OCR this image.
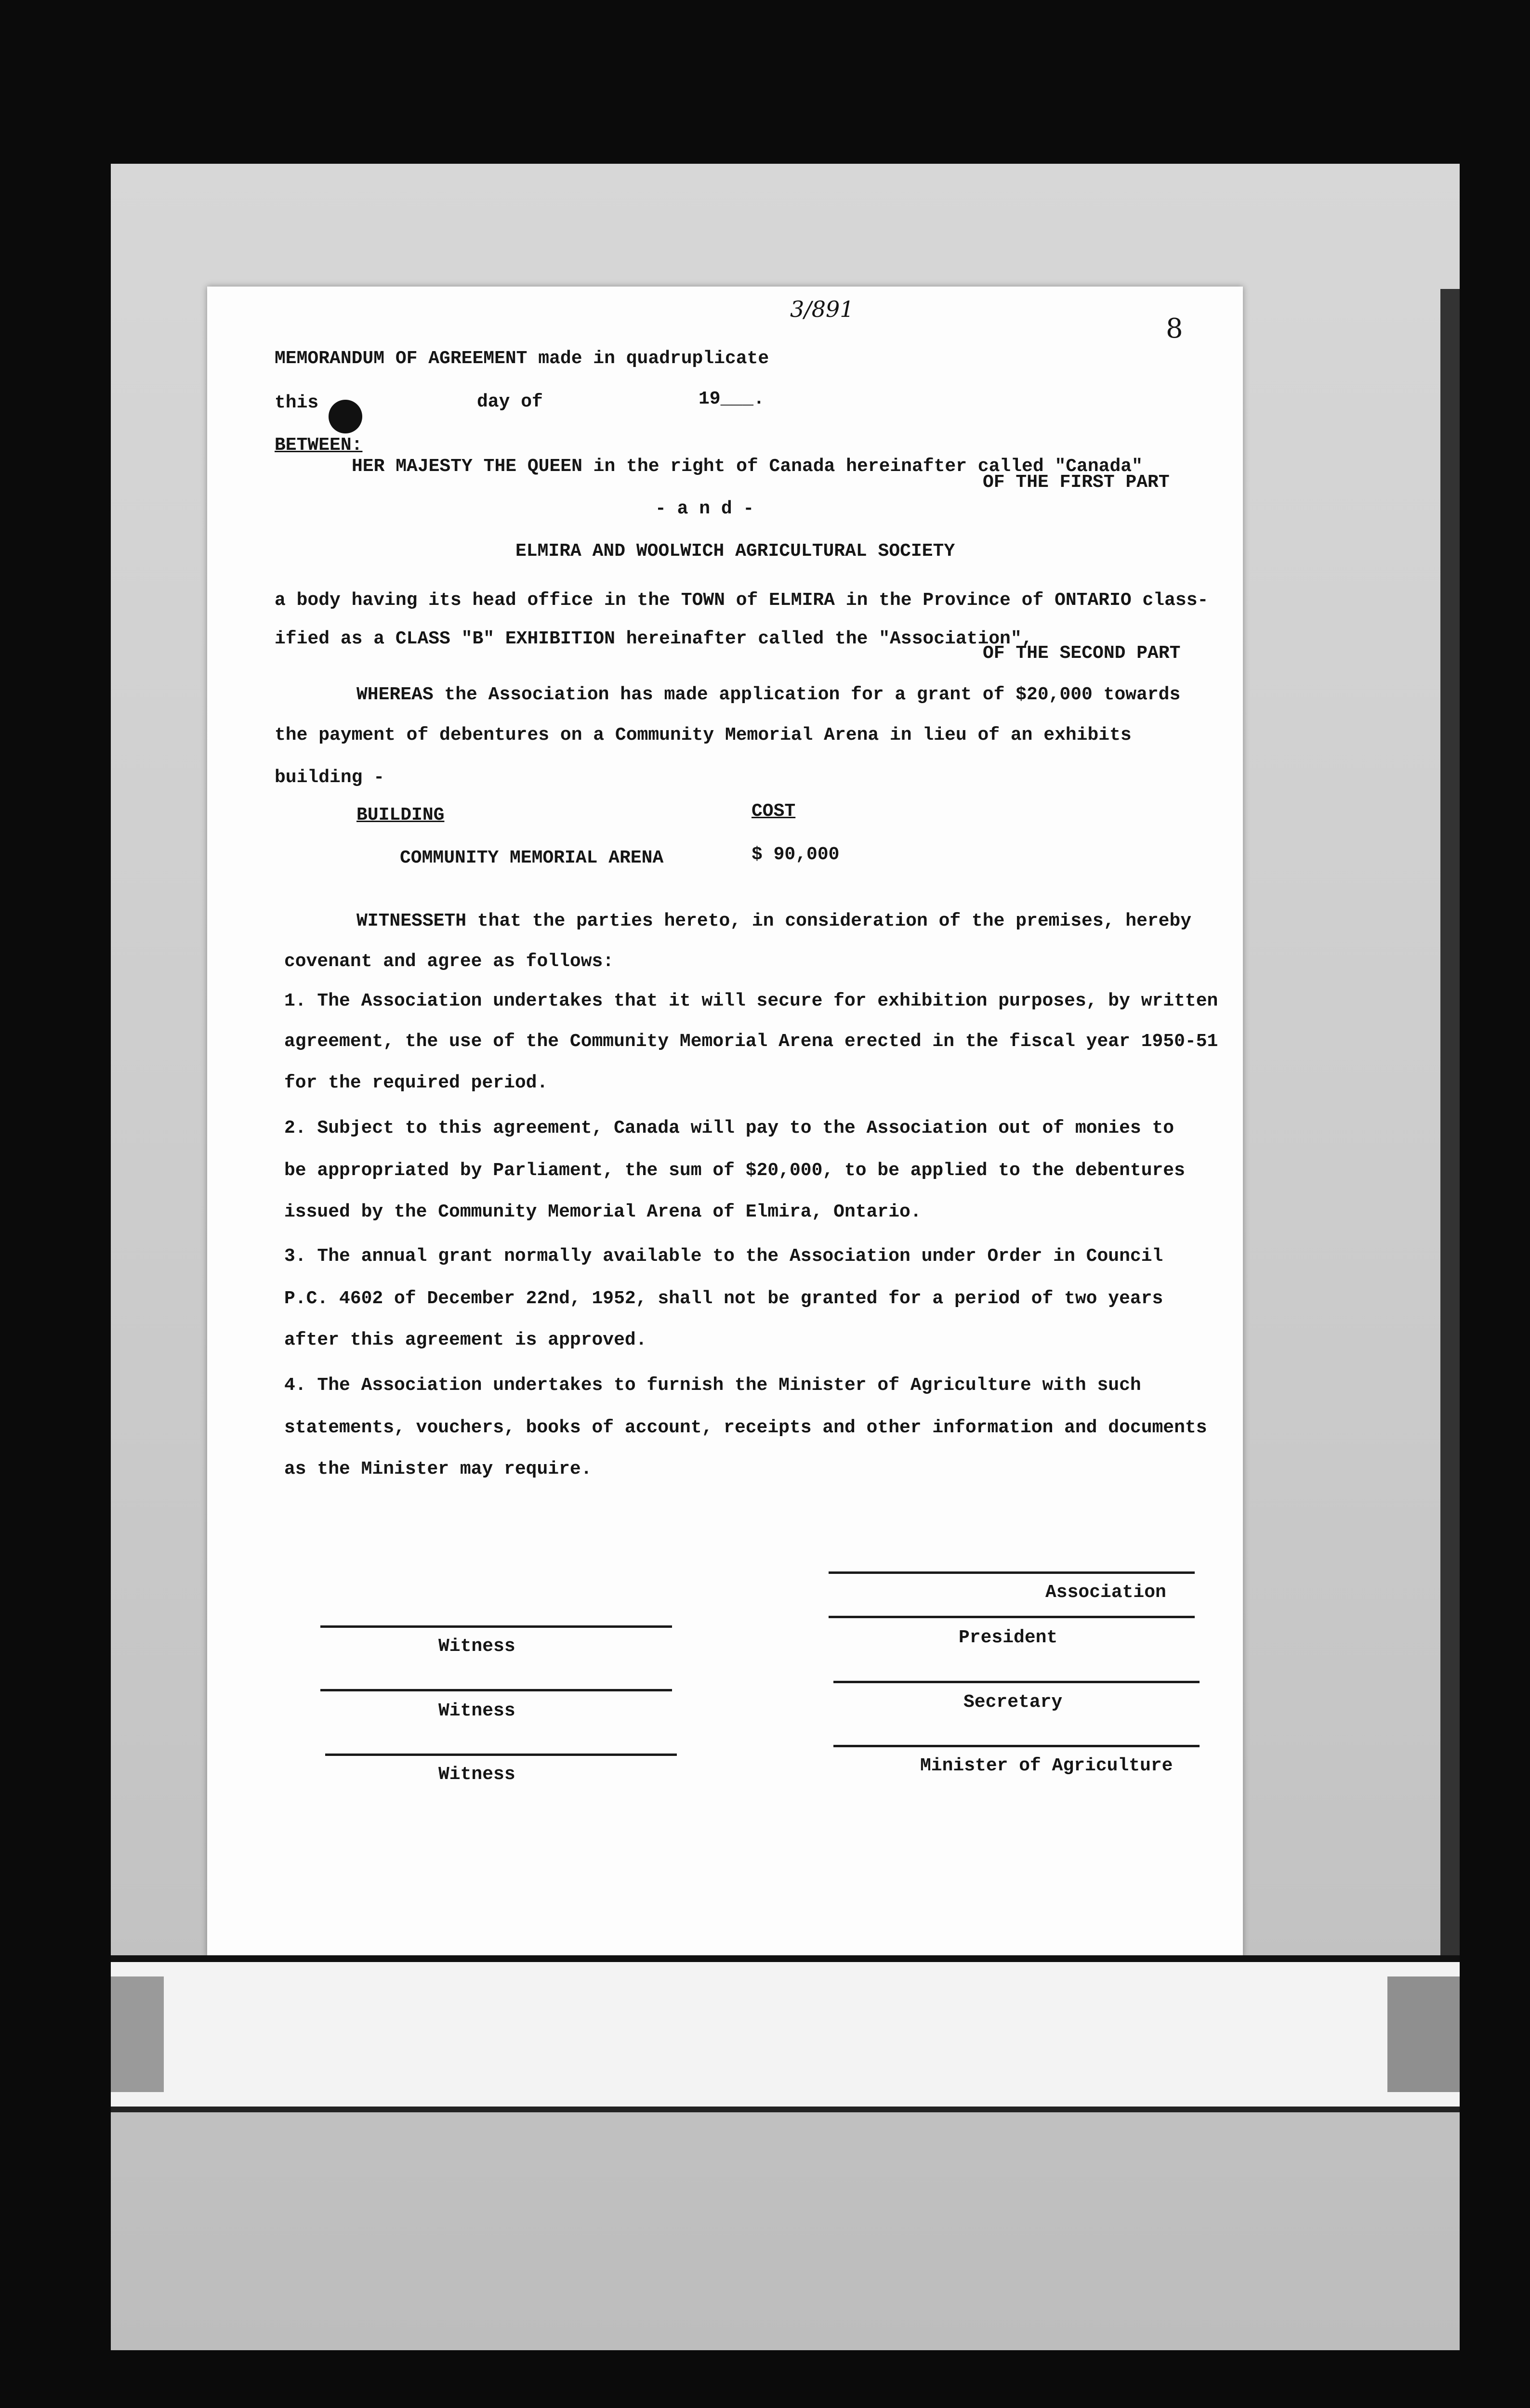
3/891
8
MEMORANDUM OF AGREEMENT made in quadruplicate
this	day of	19___.
BETWEEN:
HER MAJESTY THE QUEEN in the right of Canada hereinafter called "Canada"
OF THE FIRST PART
- a n d -
ELMIRA AND WOOLWICH AGRICULTURAL SOCIETY
a body having its head office in the TOWN of ELMIRA in the Province of ONTARIO class-
ified as a CLASS "B" EXHIBITION hereinafter called the "Association",
OF THE SECOND PART
WHEREAS the Association has made application for a grant of $20,000 towards
the payment of debentures on a Community Memorial Arena in lieu of an exhibits
building -
BUILDING	COST
COMMUNITY MEMORIAL ARENA	$ 90,000
WITNESSETH that the parties hereto, in consideration of the premises, hereby
covenant and agree as follows:
1. The Association undertakes that it will secure for exhibition purposes, by written
agreement, the use of the Community Memorial Arena erected in the fiscal year 1950-51
for the required period.
2. Subject to this agreement, Canada will pay to the Association out of monies to
be appropriated by Parliament, the sum of $20,000, to be applied to the debentures
issued by the Community Memorial Arena of Elmira, Ontario.
3. The annual grant normally available to the Association under Order in Council
P.C. 4602 of December 22nd, 1952, shall not be granted for a period of two years
after this agreement is approved.
4. The Association undertakes to furnish the Minister of Agriculture with such
statements, vouchers, books of account, receipts and other information and documents
as the Minister may require.
Association
President
Secretary
Minister of Agriculture
Witness
Witness
Witness
